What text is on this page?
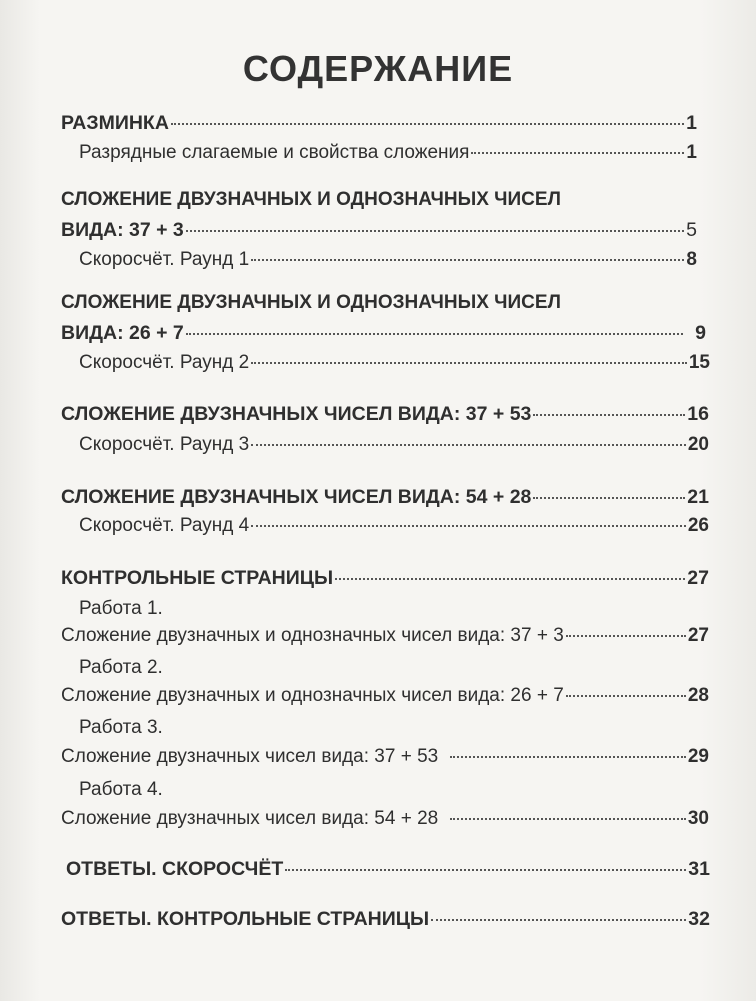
СОДЕРЖАНИЕ
РАЗМИНКА	1
Разрядные слагаемые и свойства сложения	1
СЛОЖЕНИЕ ДВУЗНАЧНЫХ И ОДНОЗНАЧНЫХ ЧИСЕЛ
ВИДА: 37 + 3	5
Скоросчёт. Раунд 1	8
СЛОЖЕНИЕ ДВУЗНАЧНЫХ И ОДНОЗНАЧНЫХ ЧИСЕЛ
ВИДА: 26 + 7	9
Скоросчёт. Раунд 2	15
СЛОЖЕНИЕ ДВУЗНАЧНЫХ ЧИСЕЛ ВИДА: 37 + 53	16
Скоросчёт. Раунд 3	20
СЛОЖЕНИЕ ДВУЗНАЧНЫХ ЧИСЕЛ ВИДА: 54 + 28	21
Скоросчёт. Раунд 4	26
КОНТРОЛЬНЫЕ СТРАНИЦЫ	27
Работа 1.
Сложение двузначных и однозначных чисел вида: 37 + 3	27
Работа 2.
Сложение двузначных и однозначных чисел вида: 26 + 7	28
Работа 3.
Сложение двузначных чисел вида: 37 + 53	29
Работа 4.
Сложение двузначных чисел вида: 54 + 28	30
ОТВЕТЫ. СКОРОСЧЁТ	31
ОТВЕТЫ. КОНТРОЛЬНЫЕ СТРАНИЦЫ	32
